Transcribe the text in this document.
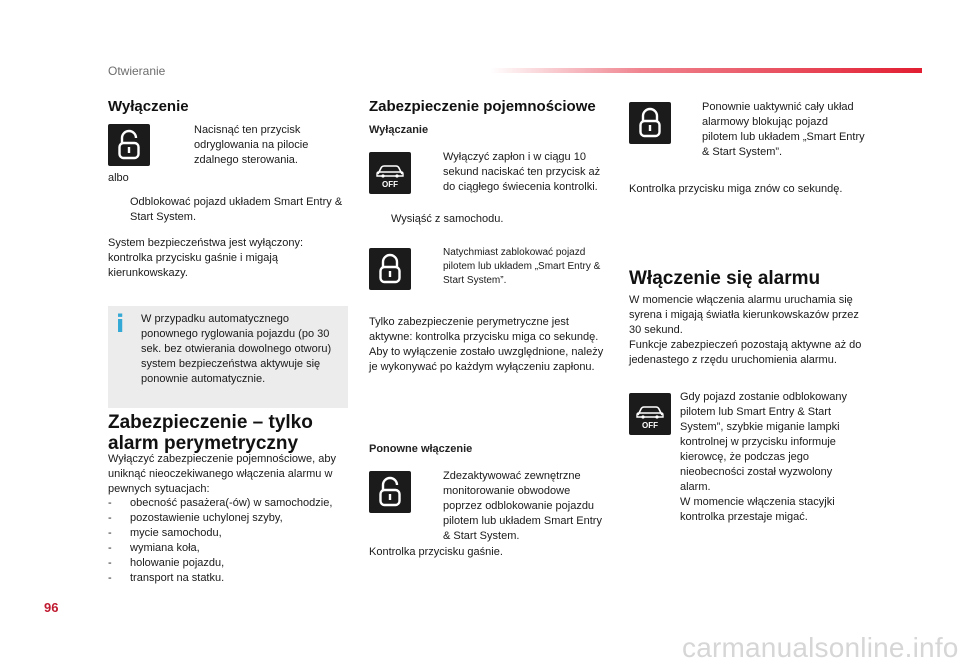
Otwieranie
96
carmanualsonline.info
Wyłączenie
Nacisnąć ten przycisk odryglowania na pilocie zdalnego sterowania.
albo
Odblokować pojazd układem Smart Entry & Start System.
System bezpieczeństwa jest wyłączony: kontrolka przycisku gaśnie i migają kierunkowskazy.
i W przypadku automatycznego ponownego ryglowania pojazdu (po 30 sek. bez otwierania dowolnego otworu) system bezpieczeństwa aktywuje się ponownie automatycznie.
Zabezpieczenie – tylko
alarm perymetryczny
Wyłączyć zabezpieczenie pojemnościowe, aby uniknąć nieoczekiwanego włączenia alarmu w pewnych sytuacjach:
-	obecność pasażera(-ów) w samochodzie,
-	pozostawienie uchylonej szyby,
-	mycie samochodu,
-	wymiana koła,
-	holowanie pojazdu,
-	transport na statku.
Zabezpieczenie pojemnościowe
Wyłączanie
OFF
Wyłączyć zapłon i w ciągu 10 sekund naciskać ten przycisk aż do ciągłego świecenia kontrolki.
Wysiąść z samochodu.
Natychmiast zablokować pojazd pilotem lub układem „Smart Entry & Start System”.
Tylko zabezpieczenie perymetryczne jest aktywne: kontrolka przycisku miga co sekundę. Aby to wyłączenie zostało uwzględnione, należy je wykonywać po każdym wyłączeniu zapłonu.
Ponowne włączenie
Zdezaktywować zewnętrzne monitorowanie obwodowe poprzez odblokowanie pojazdu pilotem lub układem Smart Entry & Start System.
Kontrolka przycisku gaśnie.
Ponownie uaktywnić cały układ alarmowy blokując pojazd pilotem lub układem „Smart Entry & Start System”.
Kontrolka przycisku miga znów co sekundę.
Włączenie się alarmu
W momencie włączenia alarmu uruchamia się syrena i migają światła kierunkowskazów przez 30 sekund.
Funkcje zabezpieczeń pozostają aktywne aż do jedenastego z rzędu uruchomienia alarmu.
OFF
Gdy pojazd zostanie odblokowany pilotem lub Smart Entry & Start System”, szybkie miganie lampki kontrolnej w przycisku informuje kierowcę, że podczas jego nieobecności został wyzwolony alarm.
W momencie włączenia stacyjki kontrolka przestaje migać.
